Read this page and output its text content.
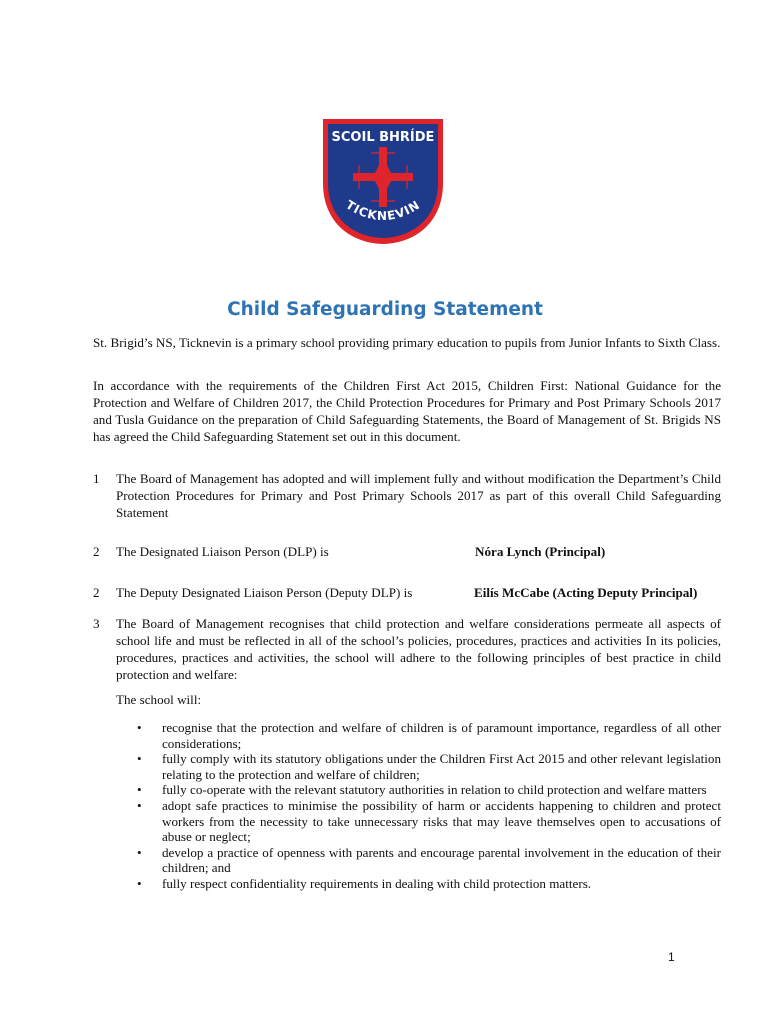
SCOIL BHRÍDE
TICKNEVIN
Child Safeguarding Statement

St. Brigid’s NS, Ticknevin is a primary school providing primary education to pupils from Junior Infants to Sixth Class.

In accordance with the requirements of the Children First Act 2015, Children First: National Guidance for the Protection and Welfare of Children 2017, the Child Protection Procedures for Primary and Post Primary Schools 2017 and Tusla Guidance on the preparation of Child Safeguarding Statements, the Board of Management of St. Brigids NS has agreed the Child Safeguarding Statement set out in this document.

1 The Board of Management has adopted and will implement fully and without modification the Department’s Child Protection Procedures for Primary and Post Primary Schools 2017 as part of this overall Child Safeguarding Statement
2 The Designated Liaison Person (DLP) is	Nóra Lynch (Principal)
2 The Deputy Designated Liaison Person (Deputy DLP) is	Eilís McCabe (Acting Deputy Principal)
3 The Board of Management recognises that child protection and welfare considerations permeate all aspects of school life and must be reflected in all of the school’s policies, procedures, practices and activities In its policies, procedures, practices and activities, the school will adhere to the following principles of best practice in child protection and welfare:
The school will:
• recognise that the protection and welfare of children is of paramount importance, regardless of all other considerations;
• fully comply with its statutory obligations under the Children First Act 2015 and other relevant legislation relating to the protection and welfare of children;
• fully co-operate with the relevant statutory authorities in relation to child protection and welfare matters
• adopt safe practices to minimise the possibility of harm or accidents happening to children and protect workers from the necessity to take unnecessary risks that may leave themselves open to accusations of abuse or neglect;
• develop a practice of openness with parents and encourage parental involvement in the education of their children; and
• fully respect confidentiality requirements in dealing with child protection matters.
1
